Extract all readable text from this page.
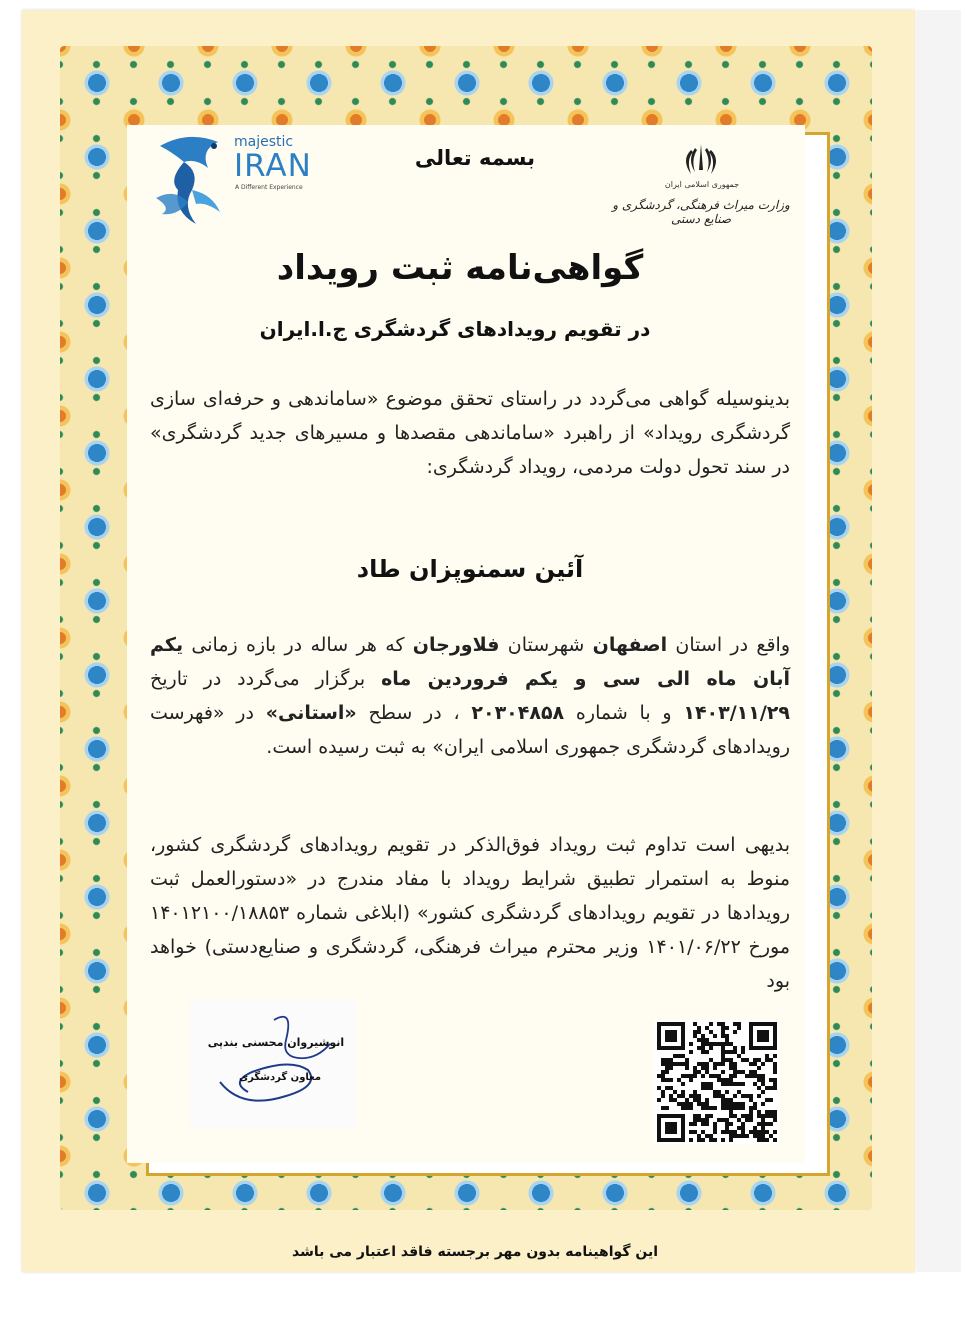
majestic
IRAN
A Different Experience
بسمه تعالی
جمهوری اسلامی ایران
وزارت میراث فرهنگی، گردشگری و صنایع دستی
گواهی‌نامه ثبت رویداد
در تقویم رویدادهای گردشگری ج.ا.ایران
بدینوسیله گواهی می‌گردد در راستای تحقق موضوع «ساماندهی و حرفه‌ای سازی گردشگری رویداد» از راهبرد «ساماندهی مقصدها و مسیرهای جدید گردشگری» در سند تحول دولت مردمی، رویداد گردشگری:
آئین سمنوپزان طاد
واقع در استان اصفهان شهرستان فلاورجان که هر ساله در بازه زمانی یکم آبان ماه الی سی و یکم فروردین ماه برگزار می‌گردد در تاریخ ۱۴۰۳/۱۱/۲۹ و با شماره ۲۰۳۰۴۸۵۸ ، در سطح «استانی» در «فهرست رویدادهای گردشگری جمهوری اسلامی ایران» به ثبت رسیده است.
بدیهی است تداوم ثبت رویداد فوق‌الذکر در تقویم رویدادهای گردشگری کشور، منوط به استمرار تطبیق شرایط رویداد با مفاد مندرج در «دستورالعمل ثبت رویدادها در تقویم رویدادهای گردشگری کشور» (ابلاغی شماره ۱۴۰۱۲۱۰۰/۱۸۸۵۳ مورخ ۱۴۰۱/۰۶/۲۲ وزیر محترم میراث فرهنگی، گردشگری و صنایع‌دستی) خواهد بود
انوشیروان محسنی بندپی
معاون گردشگری
این گواهینامه بدون مهر برجسته فاقد اعتبار می باشد
